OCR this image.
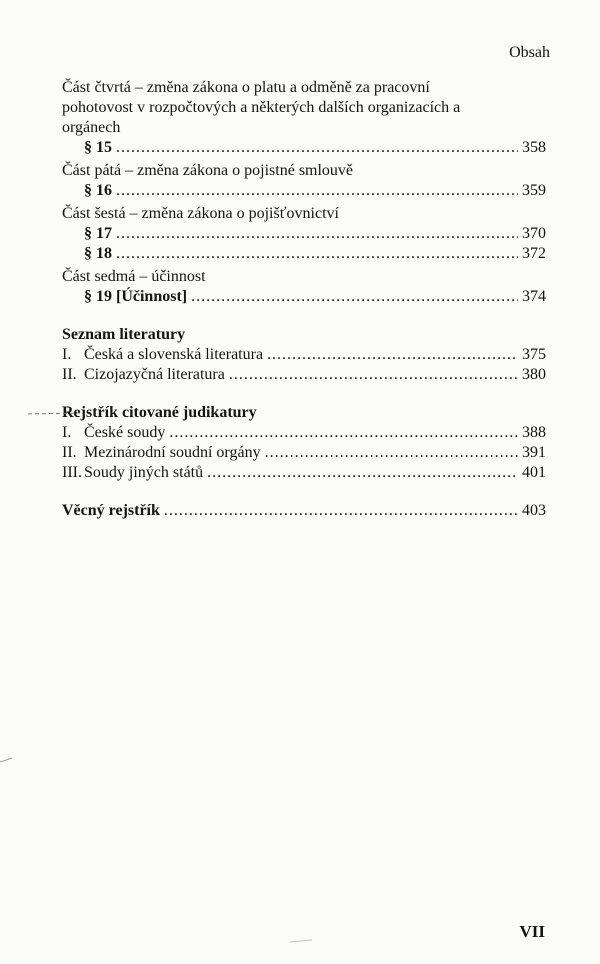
Obsah
Část čtvrtá – změna zákona o platu a odměně za pracovní pohotovost v rozpočtových a některých dalších organizacích a orgánech
§ 15 .....	358
Část pátá – změna zákona o pojistné smlouvě
§ 16 .....	359
Část šestá – změna zákona o pojišťovnictví
§ 17 .....	370
§ 18 .....	372
Část sedmá – účinnost
§ 19 [Účinnost] .....	374
Seznam literatury
I. Česká a slovenská literatura .....	375
II. Cizojazyčná literatura .....	380
Rejstřík citované judikatury
I. České soudy .....	388
II. Mezinárodní soudní orgány .....	391
III. Soudy jiných států .....	401
Věcný rejstřík .....	403
VII
